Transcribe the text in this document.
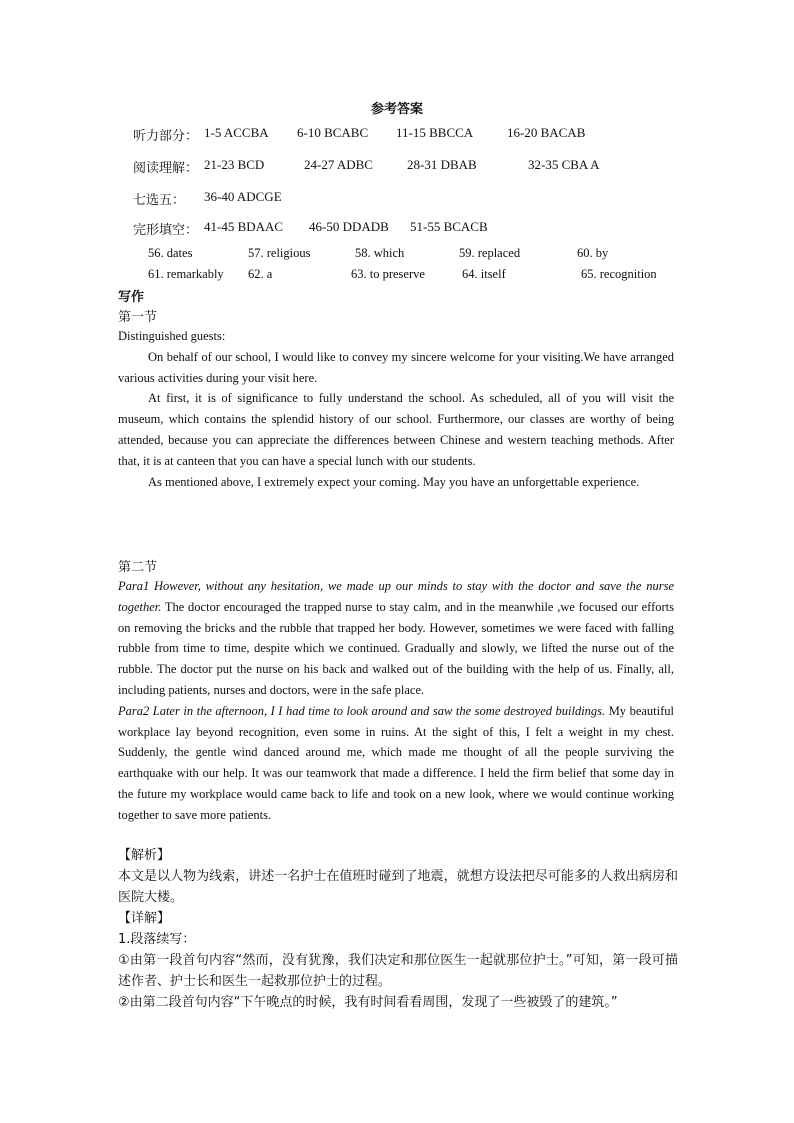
参考答案
听力部分： 1-5 ACCBA 6-10 BCABC 11-15 BBCCA	16-20 BACAB
阅读理解： 21-23 BCD	24-27 ADBC	28-31 DBAB	32-35 CBA A
七选五： 36-40 ADCGE
完形填空： 41-45 BDAAC 46-50 DDADB 51-55 BCACB
56. dates	57. religious	58. which	59. replaced	60. by
61. remarkably 62. a	63. to preserve	64. itself	65. recognition
写作
第一节

Distinguished guests:

On behalf of our school, I would like to convey my sincere welcome for your visiting.We have arranged various activities during your visit here.

At first, it is of significance to fully understand the school. As scheduled, all of you will visit the museum, which contains the splendid history of our school. Furthermore, our classes are worthy of being attended, because you can appreciate the differences between Chinese and western teaching methods. After that, it is at canteen that you can have a special lunch with our students.

As mentioned above, I extremely expect your coming. May you have an unforgettable experience.

第二节

Para1 However, without any hesitation, we made up our minds to stay with the doctor and save the nurse together. The doctor encouraged the trapped nurse to stay calm, and in the meanwhile ,we focused our efforts on removing the bricks and the rubble that trapped her body. However, sometimes we were faced with falling rubble from time to time, despite which we continued. Gradually and slowly, we lifted the nurse out of the rubble. The doctor put the nurse on his back and walked out of the building with the help of us. Finally, all, including patients, nurses and doctors, were in the safe place.

Para2 Later in the afternoon, I I had time to look around and saw the some destroyed buildings. My beautiful workplace lay beyond recognition, even some in ruins. At the sight of this, I felt a weight in my chest. Suddenly, the gentle wind danced around me, which made me thought of all the people surviving the earthquake with our help. It was our teamwork that made a difference. I held the firm belief that some day in the future my workplace would came back to life and took on a new look, where we would continue working together to save more patients.

【解析】

本文是以人物为线索，讲述一名护士在值班时碰到了地震，就想方设法把尽可能多的人救出病房和医院大楼。

【详解】

1.段落续写：

①由第一段首句内容“然而，没有犹豫，我们决定和那位医生一起就那位护士。”可知，第一段可描述作者、护士长和医生一起救那位护士的过程。

②由第二段首句内容“下午晚点的时候，我有时间看看周围，发现了一些被毁了的建筑。”
